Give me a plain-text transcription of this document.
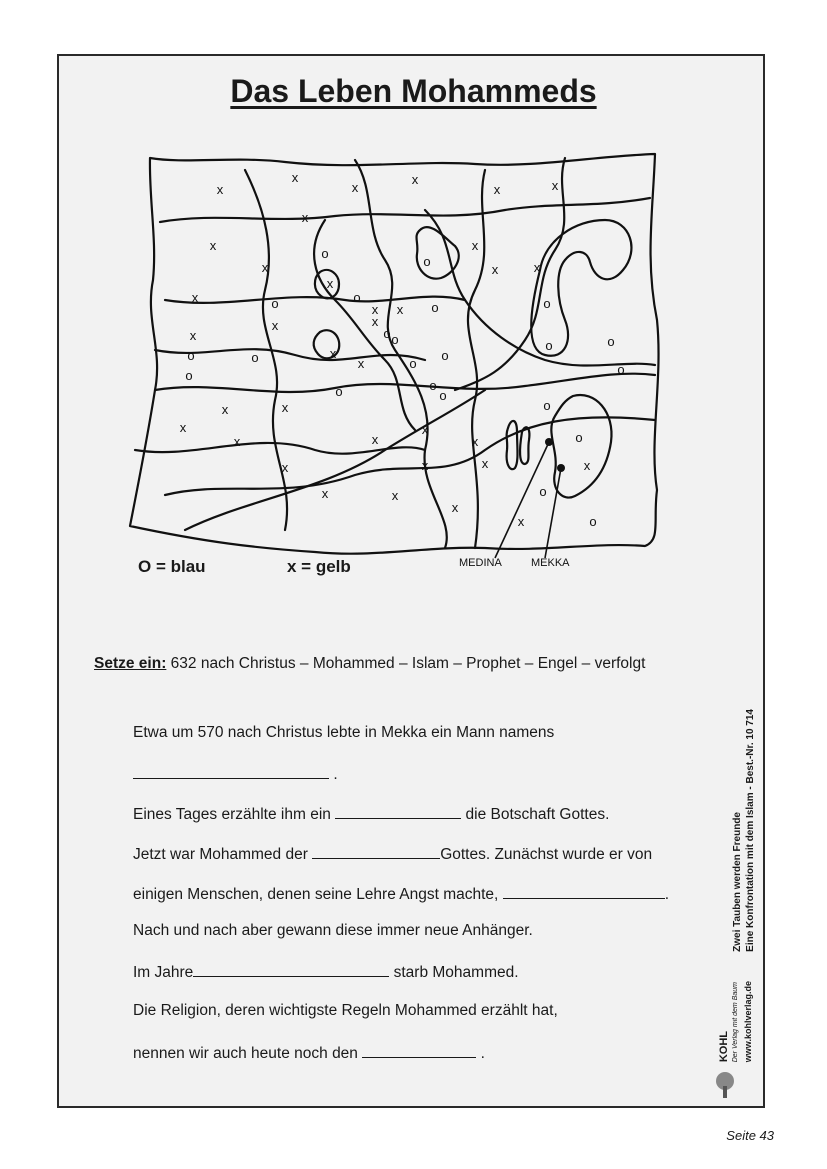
Das Leben Mohammeds
x
x
x
x
x	x
x
x
x
x
x
x
x
x
x	x
x
x
x
x
x
x
x
x
x
x
x
x
x
x
x
x
x
x
x
x
o
o
o
o
o
o
o
o
o
o
o
o
o	o
o
o
o
o
o
o
o
o
o
MEDINA	MEKKA
O = blau	x = gelb
Setze ein: 632 nach Christus – Mohammed – Islam – Prophet – Engel – verfolgt
Etwa um 570 nach Christus lebte in Mekka ein Mann namens
.
Eines Tages erzählte ihm ein	die Botschaft Gottes.
Jetzt war Mohammed der	Gottes. Zunächst wurde er von
einigen Menschen, denen seine Lehre Angst machte,	.
Nach und nach aber gewann diese immer neue Anhänger.
Im Jahre	starb Mohammed.
Die Religion, deren wichtigste Regeln Mohammed erzählt hat,
nennen wir auch heute noch den	.	KOHL Der Verlag mit dem Baum www.kohlverlag.de
Zwei Tauben werden Freunde Eine Konfrontation mit dem Islam - Best.-Nr. 10 714
Seite 43
